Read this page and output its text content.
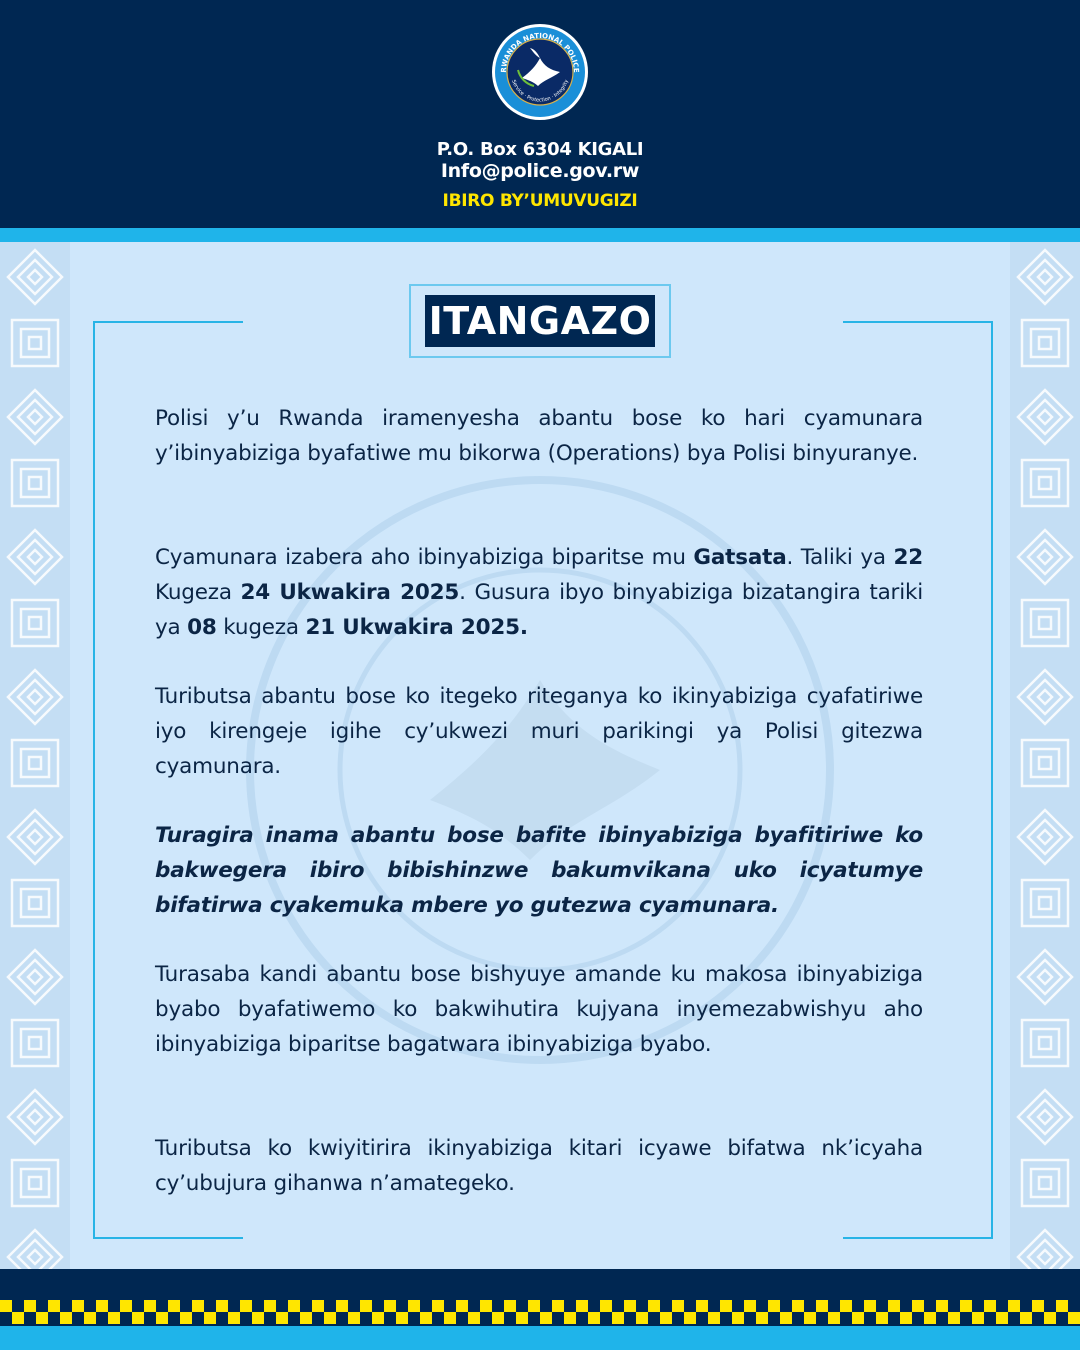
RWANDA NATIONAL POLICE
Service · Protection · Integrity
P.O. Box 6304 KIGALI
Info@police.gov.rw
IBIRO BY’UMUVUGIZI
ITANGAZO

Polisi y’u Rwanda iramenyesha abantu bose ko hari cyamunara y’ibinyabiziga byafatiwe mu bikorwa (Operations) bya Polisi binyuranye.

Cyamunara izabera aho ibinyabiziga biparitse mu Gatsata. Taliki ya 22 Kugeza 24 Ukwakira 2025. Gusura ibyo binyabiziga bizatangira tariki ya 08 kugeza 21 Ukwakira 2025.

Tuributsa abantu bose ko itegeko riteganya ko ikinyabiziga cyafatiriwe iyo kirengeje igihe cy’ukwezi muri parikingi ya Polisi gitezwa cyamunara.

Turagira inama abantu bose bafite ibinyabiziga byafitiriwe ko bakwegera ibiro bibishinzwe bakumvikana uko icyatumye bifatirwa cyakemuka mbere yo gutezwa cyamunara.

Turasaba kandi abantu bose bishyuye amande ku makosa ibinyabiziga byabo byafatiwemo ko bakwihutira kujyana inyemezabwishyu aho ibinyabiziga biparitse bagatwara ibinyabiziga byabo.

Tuributsa ko kwiyitirira ikinyabiziga kitari icyawe bifatwa nk’icyaha cy’ubujura gihanwa n’amategeko.
